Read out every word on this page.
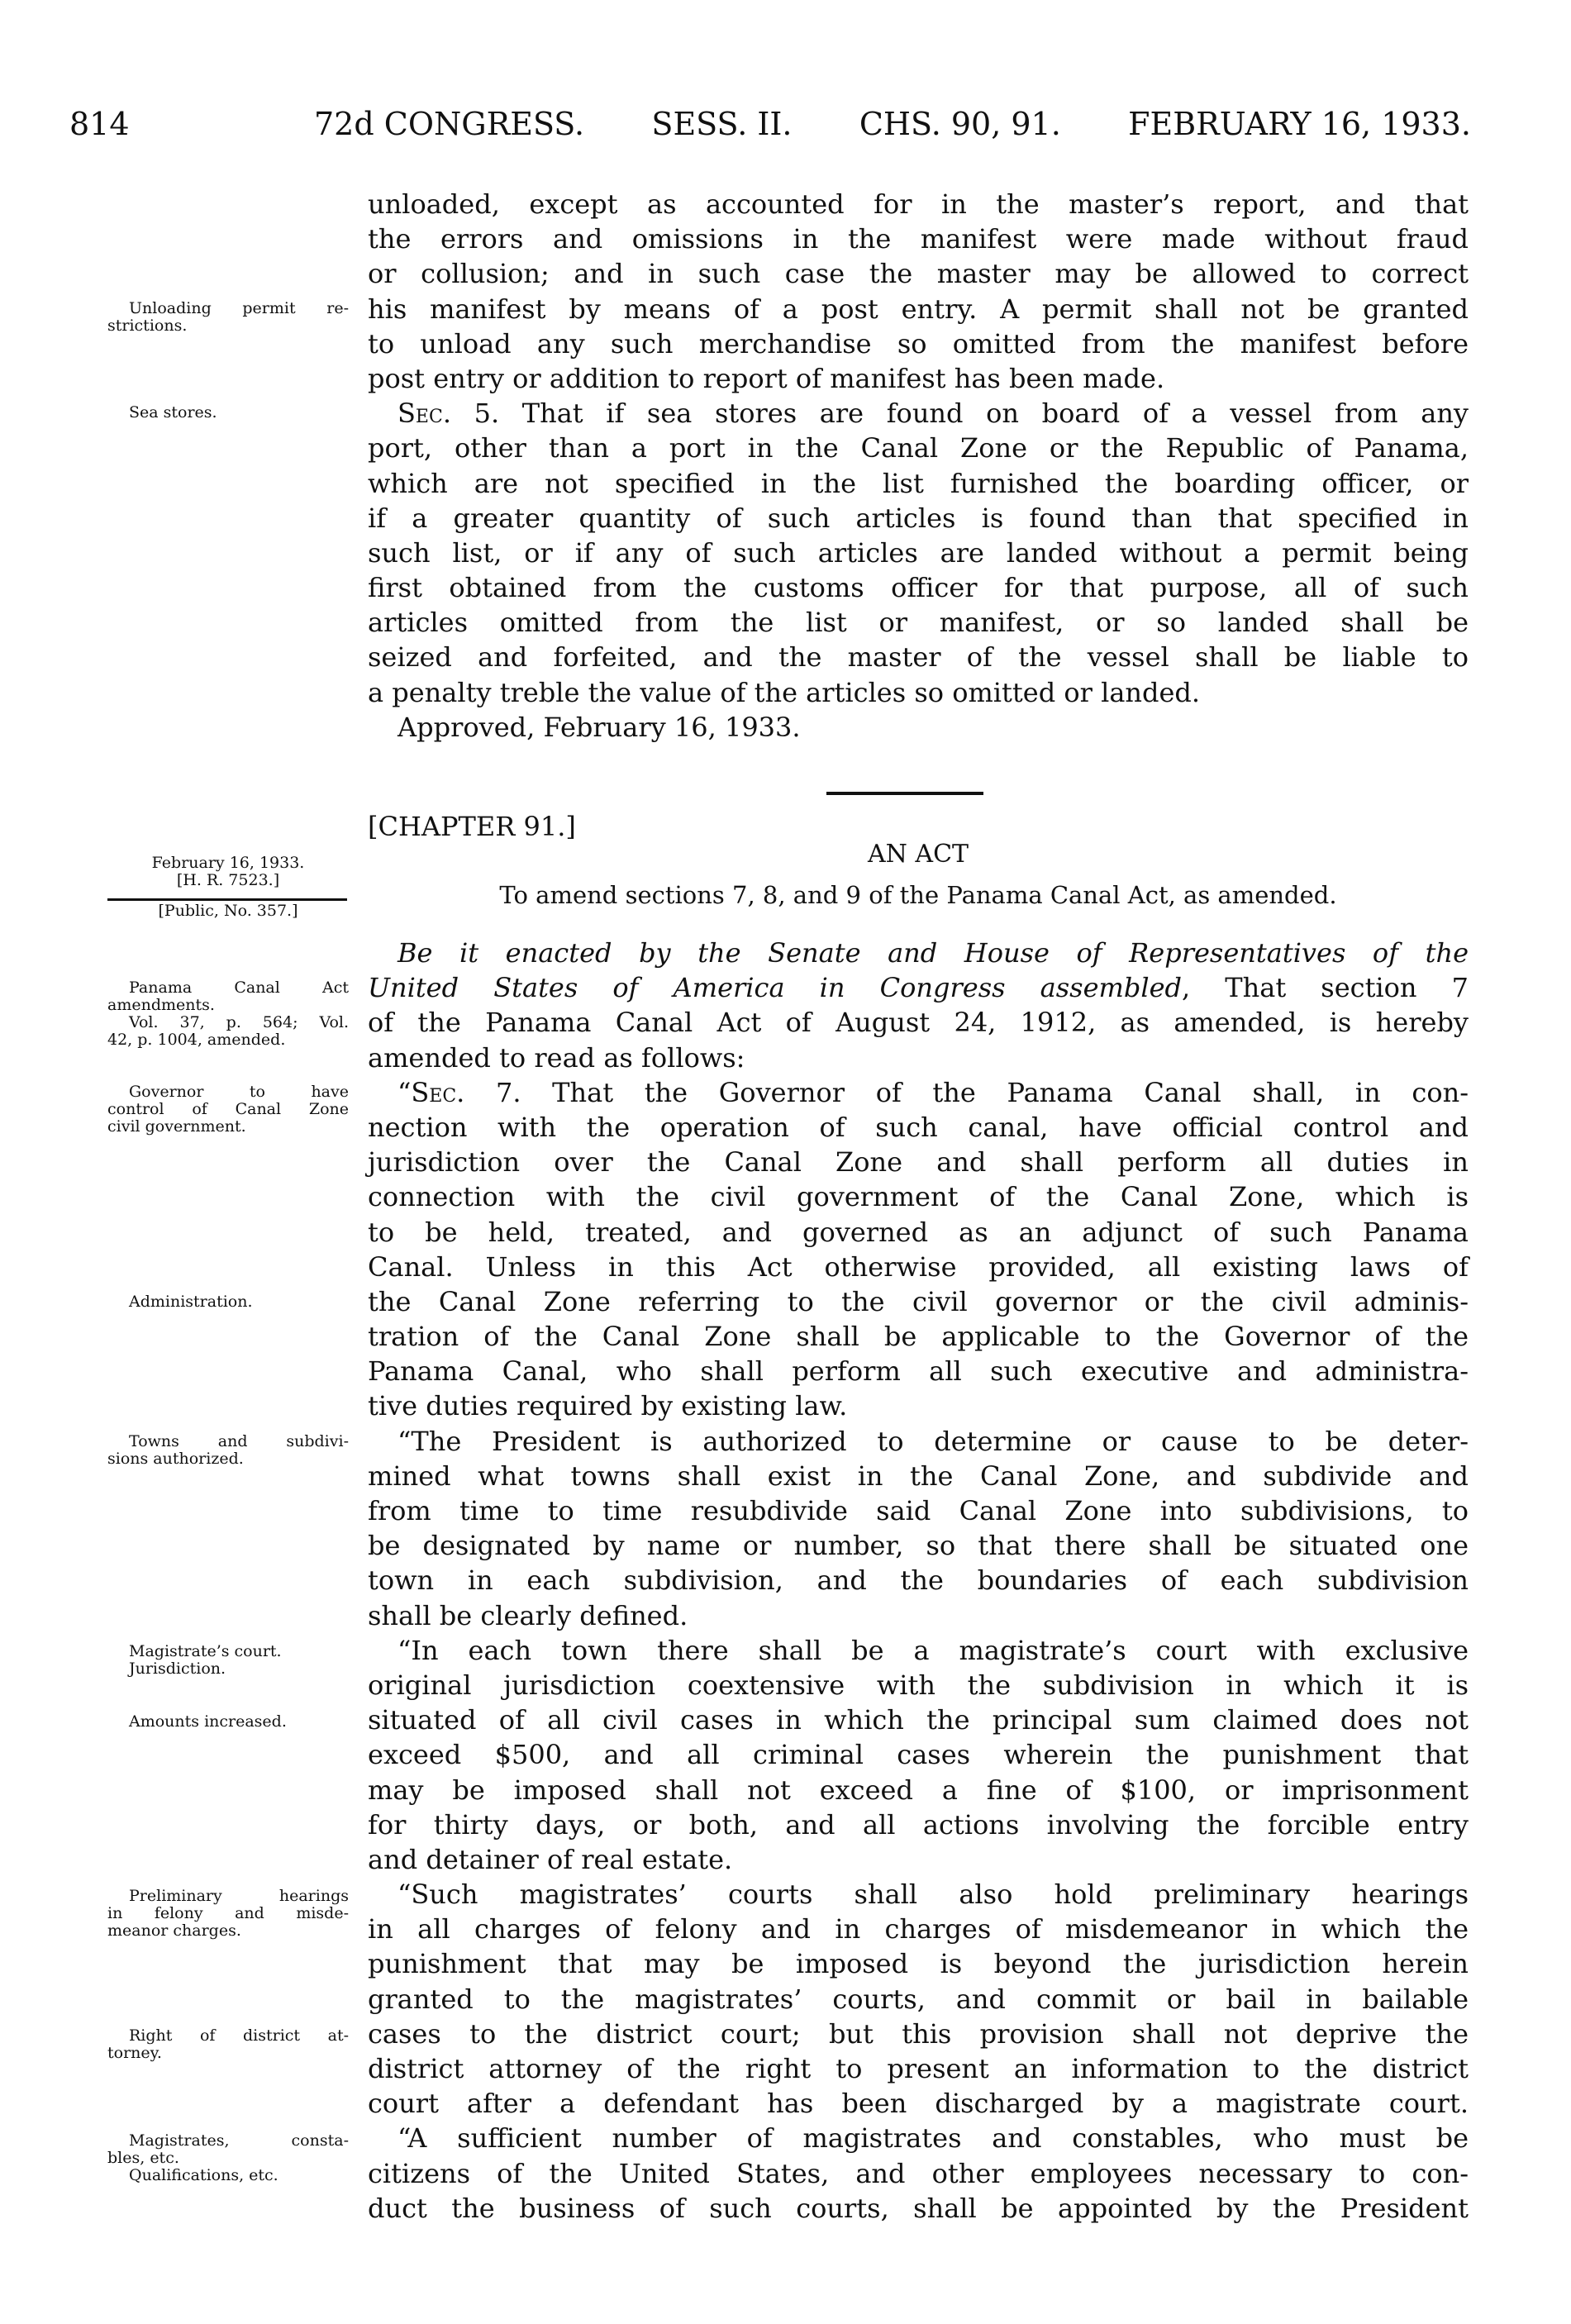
814	72d CONGRESS. SESS. II. CHS. 90, 91. FEBRUARY 16, 1933.
unloaded, except as accounted for in the master’s report, and that
the errors and omissions in the manifest were made without fraud
or collusion; and in such case the master may be allowed to correct
his manifest by means of a post entry. A permit shall not be granted
to unload any such merchandise so omitted from the manifest before
post entry or addition to report of manifest has been made.
Sec. 5. That if sea stores are found on board of a vessel from any
port, other than a port in the Canal Zone or the Republic of Panama,
which are not specified in the list furnished the boarding officer, or
if a greater quantity of such articles is found than that specified in
such list, or if any of such articles are landed without a permit being
first obtained from the customs officer for that purpose, all of such
articles omitted from the list or manifest, or so landed shall be
seized and forfeited, and the master of the vessel shall be liable to
a penalty treble the value of the articles so omitted or landed.
Approved, February 16, 1933.
[CHAPTER 91.]
AN ACT
To amend sections 7, 8, and 9 of the Panama Canal Act, as amended.
Be it enacted by the Senate and House of Representatives of the
United States of America in Congress assembled, That section 7
of the Panama Canal Act of August 24, 1912, as amended, is hereby
amended to read as follows:
“Sec. 7. That the Governor of the Panama Canal shall, in con-
nection with the operation of such canal, have official control and
jurisdiction over the Canal Zone and shall perform all duties in
connection with the civil government of the Canal Zone, which is
to be held, treated, and governed as an adjunct of such Panama
Canal. Unless in this Act otherwise provided, all existing laws of
the Canal Zone referring to the civil governor or the civil adminis-
tration of the Canal Zone shall be applicable to the Governor of the
Panama Canal, who shall perform all such executive and administra-
tive duties required by existing law.
“The President is authorized to determine or cause to be deter-
mined what towns shall exist in the Canal Zone, and subdivide and
from time to time resubdivide said Canal Zone into subdivisions, to
be designated by name or number, so that there shall be situated one
town in each subdivision, and the boundaries of each subdivision
shall be clearly defined.
“In each town there shall be a magistrate’s court with exclusive
original jurisdiction coextensive with the subdivision in which it is
situated of all civil cases in which the principal sum claimed does not
exceed $500, and all criminal cases wherein the punishment that
may be imposed shall not exceed a fine of $100, or imprisonment
for thirty days, or both, and all actions involving the forcible entry
and detainer of real estate.
“Such magistrates’ courts shall also hold preliminary hearings
in all charges of felony and in charges of misdemeanor in which the
punishment that may be imposed is beyond the jurisdiction herein
granted to the magistrates’ courts, and commit or bail in bailable
cases to the district court; but this provision shall not deprive the
district attorney of the right to present an information to the district
court after a defendant has been discharged by a magistrate court.
“A sufficient number of magistrates and constables, who must be
citizens of the United States, and other employees necessary to con-
duct the business of such courts, shall be appointed by the President
February 16, 1933.
[H. R. 7523.]
[Public, No. 357.]
Unloading permit re-
strictions.
Sea stores.
Panama Canal Act
amendments.
Vol. 37, p. 564; Vol.
42, p. 1004, amended.
Governor to have
control of Canal Zone
civil government.
Administration.
Towns and subdivi-
sions authorized.
Magistrate’s court.
Jurisdiction.
Amounts increased.
Preliminary hearings
in felony and misde-
meanor charges.
Right of district at-
torney.
Magistrates, consta-
bles, etc.
Qualifications, etc.
